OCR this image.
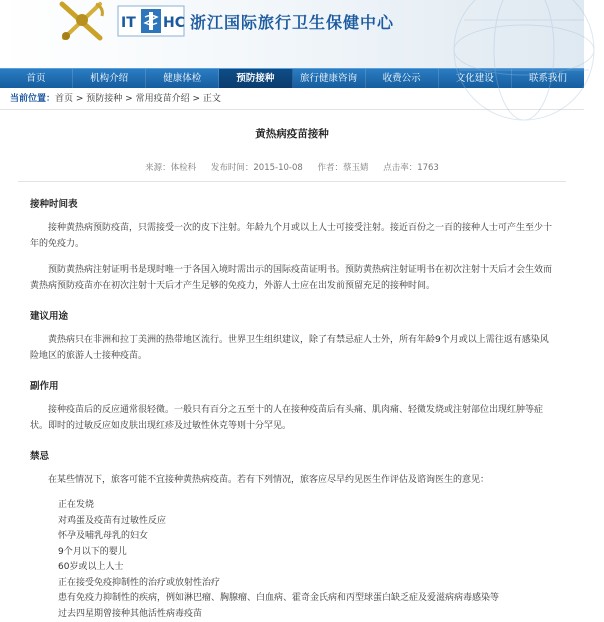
IT HC 浙江国际旅行卫生保健中心
首页	机构介绍	健康体检	预防接种	旅行健康咨询	收费公示	文化建设	联系我们
当前位置：首页 > 预防接种 > 常用疫苗介绍 > 正文
黄热病疫苗接种
来源：体检科 发布时间：2015-10-08 作者：蔡玉婧 点击率：1763
接种时间表

接种黄热病预防疫苗，只需接受一次的皮下注射。年龄九个月或以上人士可接受注射。接近百份之一百的接种人士可产生至少十年的免疫力。

预防黄热病注射证明书是现时唯一于各国入境时需出示的国际疫苗证明书。预防黄热病注射证明书在初次注射十天后才会生效而黄热病预防疫苗亦在初次注射十天后才产生足够的免疫力，外游人士应在出发前预留充足的接种时间。

建议用途

黄热病只在非洲和拉丁美洲的热带地区流行。世界卫生组织建议，除了有禁忌症人士外，所有年龄9个月或以上需往返有感染风险地区的旅游人士接种疫苗。

副作用

接种疫苗后的反应通常很轻微。一般只有百分之五至十的人在接种疫苗后有头痛、肌肉痛、轻微发烧或注射部位出现红肿等症状。即时的过敏反应如皮肤出现红疹及过敏性休克等则十分罕见。

禁忌

在某些情况下，旅客可能不宜接种黄热病疫苗。若有下列情况，旅客应尽早约见医生作评估及谘询医生的意见：

正在发烧
对鸡蛋及疫苗有过敏性反应
怀孕及哺乳母乳的妇女
9个月以下的婴儿
60岁或以上人士
正在接受免疫抑制性的治疗或放射性治疗
患有免疫力抑制性的疾病，例如淋巴瘤、胸腺瘤、白血病、霍奇金氏病和丙型球蛋白缺乏症及爱滋病病毒感染等
过去四星期曾接种其他活性病毒疫苗
